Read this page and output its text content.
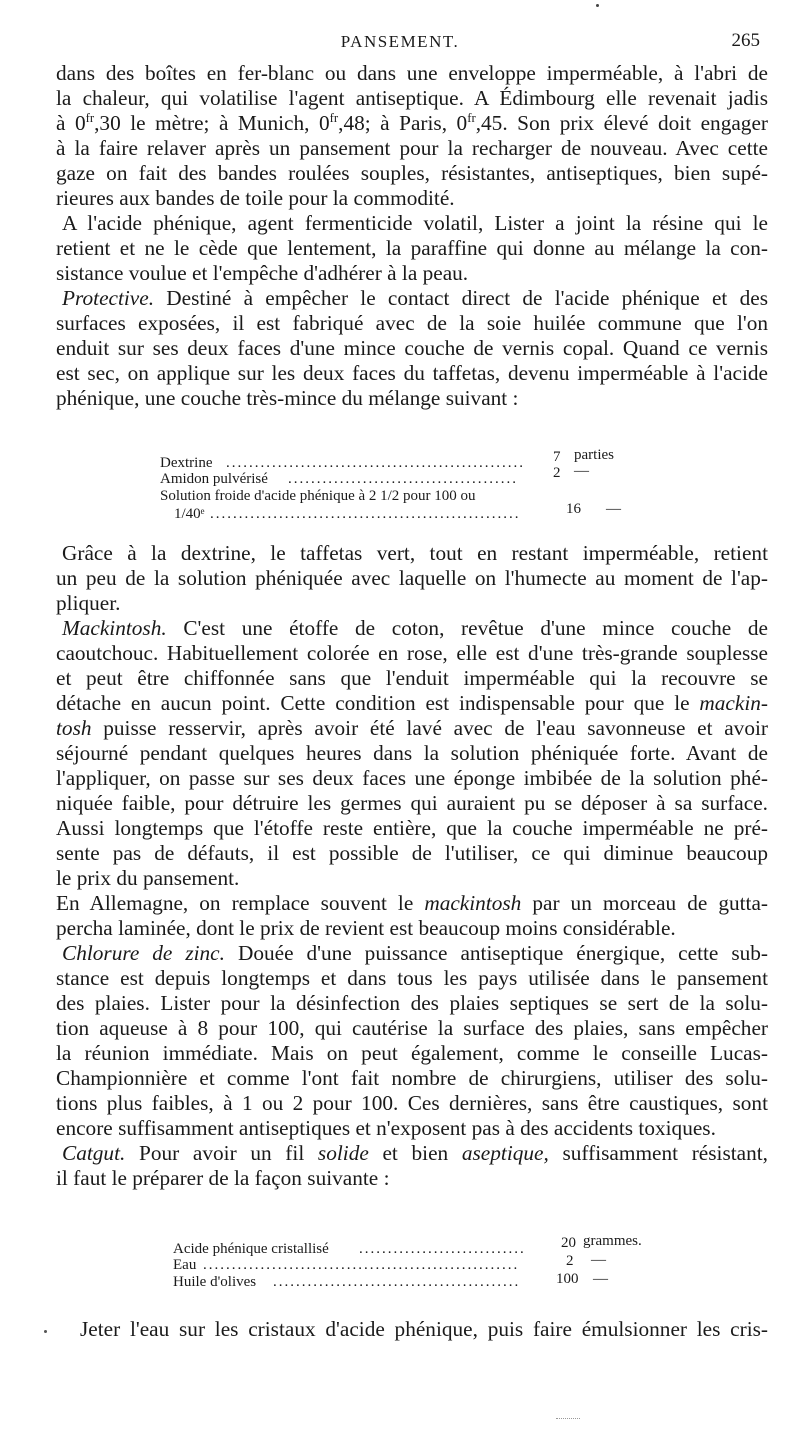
PANSEMENT.	265

dans des boîtes en fer-blanc ou dans une enveloppe imperméable, à l'abri de

la chaleur, qui volatilise l'agent antiseptique. A Édimbourg elle revenait jadis

à $0^{fr},30$ le mètre; à Munich, $0^{fr},48$; à Paris, $0^{fr},45$. Son prix élevé doit engager

à la faire relaver après un pansement pour la recharger de nouveau. Avec cette

gaze on fait des bandes roulées souples, résistantes, antiseptiques, bien supé-

rieures aux bandes de toile pour la commodité.

A l'acide phénique, agent fermenticide volatil, Lister a joint la résine qui le

retient et ne le cède que lentement, la paraffine qui donne au mélange la con-

sistance voulue et l'empêche d'adhérer à la peau.

Protective. Destiné à empêcher le contact direct de l'acide phénique et des

surfaces exposées, il est fabriqué avec de la soie huilée commune que l'on

enduit sur ses deux faces d'une mince couche de vernis copal. Quand ce vernis

est sec, on applique sur les deux faces du taffetas, devenu imperméable à l'acide

phénique, une couche très-mince du mélange suivant :

Dextrine .................................................... 7 parties
Amidon pulvérisé ........................................	2 —
Solution froide d'acide phénique à 2 1/2 pour 100 ou
1/40ᵉ ......................................................	16 —

Grâce à la dextrine, le taffetas vert, tout en restant imperméable, retient

un peu de la solution phéniquée avec laquelle on l'humecte au moment de l'ap-

pliquer.

Mackintosh. C'est une étoffe de coton, revêtue d'une mince couche de

caoutchouc. Habituellement colorée en rose, elle est d'une très-grande souplesse

et peut être chiffonnée sans que l'enduit imperméable qui la recouvre se

détache en aucun point. Cette condition est indispensable pour que le mackin-

tosh puisse resservir, après avoir été lavé avec de l'eau savonneuse et avoir

séjourné pendant quelques heures dans la solution phéniquée forte. Avant de

l'appliquer, on passe sur ses deux faces une éponge imbibée de la solution phé-

niquée faible, pour détruire les germes qui auraient pu se déposer à sa surface.

Aussi longtemps que l'étoffe reste entière, que la couche imperméable ne pré-

sente pas de défauts, il est possible de l'utiliser, ce qui diminue beaucoup

le prix du pansement.

En Allemagne, on remplace souvent le mackintosh par un morceau de gutta-

percha laminée, dont le prix de revient est beaucoup moins considérable.

Chlorure de zinc. Douée d'une puissance antiseptique énergique, cette sub-

stance est depuis longtemps et dans tous les pays utilisée dans le pansement

des plaies. Lister pour la désinfection des plaies septiques se sert de la solu-

tion aqueuse à 8 pour 100, qui cautérise la surface des plaies, sans empêcher

la réunion immédiate. Mais on peut également, comme le conseille Lucas-

Championnière et comme l'ont fait nombre de chirurgiens, utiliser des solu-

tions plus faibles, à 1 ou 2 pour 100. Ces dernières, sans être caustiques, sont

encore suffisamment antiseptiques et n'exposent pas à des accidents toxiques.

Catgut. Pour avoir un fil solide et bien aseptique, suffisamment résistant,

il faut le préparer de la façon suivante :

Acide phénique cristallisé ............................. 20 grammes.
Eau .......................................................	2 —
Huile d'olives ...........................................	100 —

Jeter l'eau sur les cristaux d'acide phénique, puis faire émulsionner les cris-
